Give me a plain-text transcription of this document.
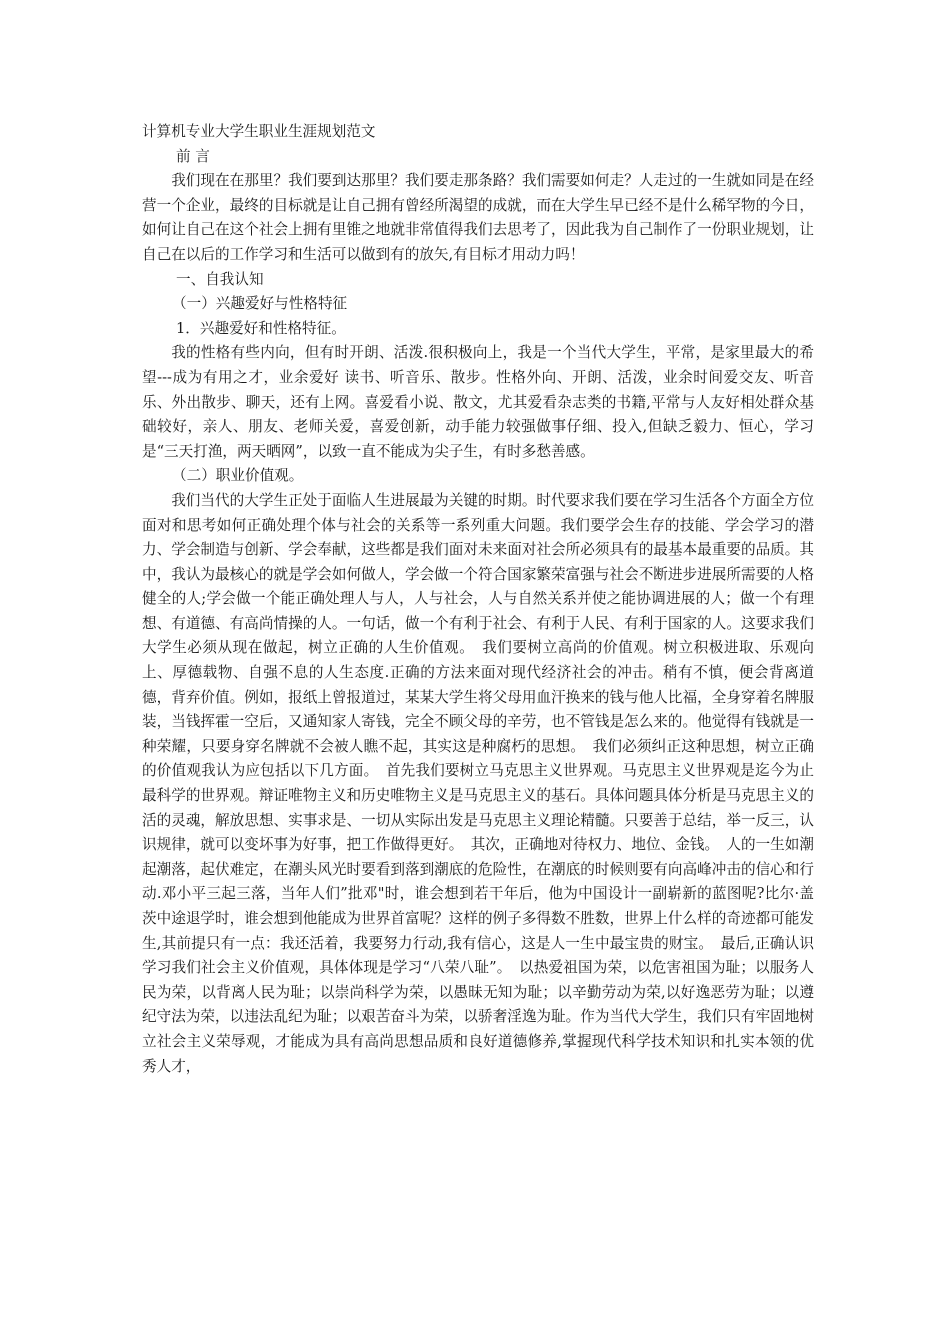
计算机专业大学生职业生涯规划范文

前 言

我们现在在那里？我们要到达那里？我们要走那条路？我们需要如何走？人走过的一生就如同是在经营一个企业，最终的目标就是让自己拥有曾经所渴望的成就，而在大学生早已经不是什么稀罕物的今日，如何让自己在这个社会上拥有里锥之地就非常值得我们去思考了，因此我为自己制作了一份职业规划，让自己在以后的工作学习和生活可以做到有的放矢,有目标才用动力吗！

一、自我认知

（一）兴趣爱好与性格特征

1．兴趣爱好和性格特征。

我的性格有些内向，但有时开朗、活泼.很积极向上，我是一个当代大学生，平常，是家里最大的希望---成为有用之才，业余爱好 读书、听音乐、散步。性格外向、开朗、活泼，业余时间爱交友、听音乐、外出散步、聊天，还有上网。喜爱看小说、散文，尤其爱看杂志类的书籍,平常与人友好相处群众基础较好，亲人、朋友、老师关爱，喜爱创新，动手能力较强做事仔细、投入,但缺乏毅力、恒心，学习是“三天打渔，两天晒网”，以致一直不能成为尖子生，有时多愁善感。

（二）职业价值观。

我们当代的大学生正处于面临人生进展最为关键的时期。时代要求我们要在学习生活各个方面全方位面对和思考如何正确处理个体与社会的关系等一系列重大问题。我们要学会生存的技能、学会学习的潜力、学会制造与创新、学会奉献，这些都是我们面对未来面对社会所必须具有的最基本最重要的品质。其中，我认为最核心的就是学会如何做人，学会做一个符合国家繁荣富强与社会不断进步进展所需要的人格健全的人;学会做一个能正确处理人与人，人与社会，人与自然关系并使之能协调进展的人；做一个有理想、有道德、有高尚情操的人。一句话，做一个有利于社会、有利于人民、有利于国家的人。这要求我们大学生必须从现在做起，树立正确的人生价值观。　我们要树立高尚的价值观。树立积极进取、乐观向上、厚德载物、自强不息的人生态度.正确的方法来面对现代经济社会的冲击。稍有不慎，便会背离道德，背弃价值。例如，报纸上曾报道过，某某大学生将父母用血汗换来的钱与他人比福，全身穿着名牌服装，当钱挥霍一空后，又通知家人寄钱，完全不顾父母的辛劳，也不管钱是怎么来的。他觉得有钱就是一种荣耀，只要身穿名牌就不会被人瞧不起，其实这是种腐朽的思想。　我们必须纠正这种思想，树立正确的价值观我认为应包括以下几方面。　首先我们要树立马克思主义世界观。马克思主义世界观是迄今为止最科学的世界观。辩证唯物主义和历史唯物主义是马克思主义的基石。具体问题具体分析是马克思主义的活的灵魂，解放思想、实事求是、一切从实际出发是马克思主义理论精髓。只要善于总结，举一反三，认识规律，就可以变坏事为好事，把工作做得更好。　其次，正确地对待权力、地位、金钱。　人的一生如潮起潮落，起伏难定，在潮头风光时要看到落到潮底的危险性，在潮底的时候则要有向高峰冲击的信心和行动.邓小平三起三落，当年人们”批邓"时，谁会想到若干年后，他为中国设计一副崭新的蓝图呢?比尔·盖茨中途退学时，谁会想到他能成为世界首富呢？这样的例子多得数不胜数，世界上什么样的奇迹都可能发生,其前提只有一点：我还活着，我要努力行动,我有信心，这是人一生中最宝贵的财宝。　最后,正确认识学习我们社会主义价值观，具体体现是学习“八荣八耻”。　以热爱祖国为荣，以危害祖国为耻；以服务人民为荣，以背离人民为耻；以崇尚科学为荣，以愚昧无知为耻；以辛勤劳动为荣,以好逸恶劳为耻；以遵纪守法为荣，以违法乱纪为耻；以艰苦奋斗为荣，以骄奢淫逸为耻。作为当代大学生，我们只有牢固地树立社会主义荣辱观，才能成为具有高尚思想品质和良好道德修养,掌握现代科学技术知识和扎实本领的优秀人才，
